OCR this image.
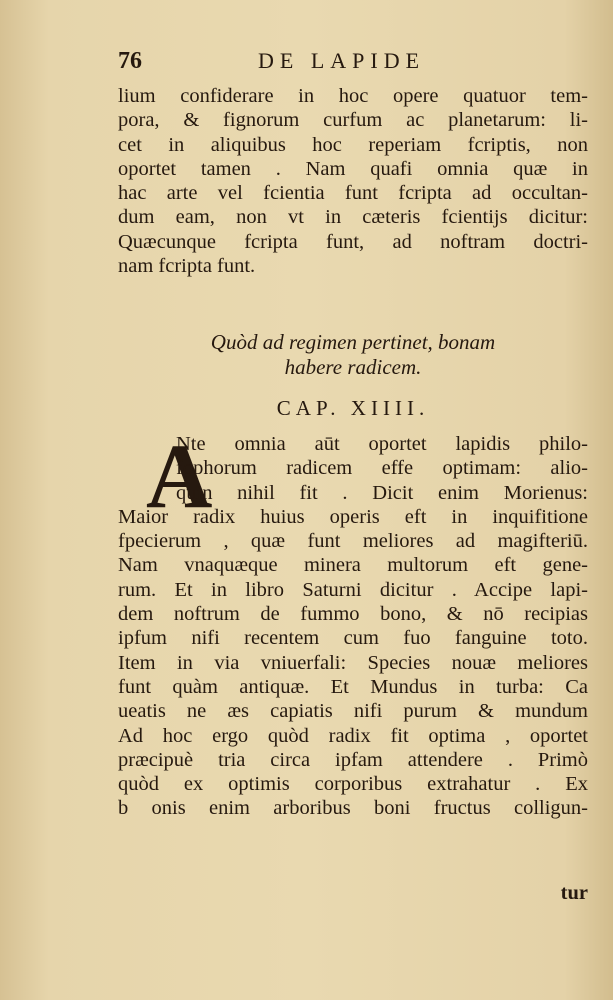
76	DE LAPIDE
lium confiderare in hoc opere quatuor tem-
pora, & fignorum curfum ac planetarum: li-
cet in aliquibus hoc reperiam fcriptis, non
oportet tamen . Nam quafi omnia quæ in
hac arte vel fcientia funt fcripta ad occultan-
dum eam, non vt in cæteris fcientijs dicitur:
Quæcunque fcripta funt, ad noftram doctri-
nam fcripta funt.
Quòd ad regimen pertinet, bonam
habere radicem.
CAP. XIIII.
A
Nte omnia aūt oportet lapidis philo-
fophorum radicem effe optimam: alio-
quin nihil fit . Dicit enim Morienus:
Maior radix huius operis eft in inquifitione
fpecierum , quæ funt meliores ad magifteriū.
Nam vnaquæque minera multorum eft gene-
rum. Et in libro Saturni dicitur . Accipe lapi-
dem noftrum de fummo bono, & nō recipias
ipfum nifi recentem cum fuo fanguine toto.
Item in via vniuerfali: Species nouæ meliores
funt quàm antiquæ. Et Mundus in turba: Ca
ueatis ne æs capiatis nifi purum & mundum
Ad hoc ergo quòd radix fit optima , oportet
præcipuè tria circa ipfam attendere . Primò
quòd ex optimis corporibus extrahatur . Ex
b onis enim arboribus boni fructus colligun-
tur
